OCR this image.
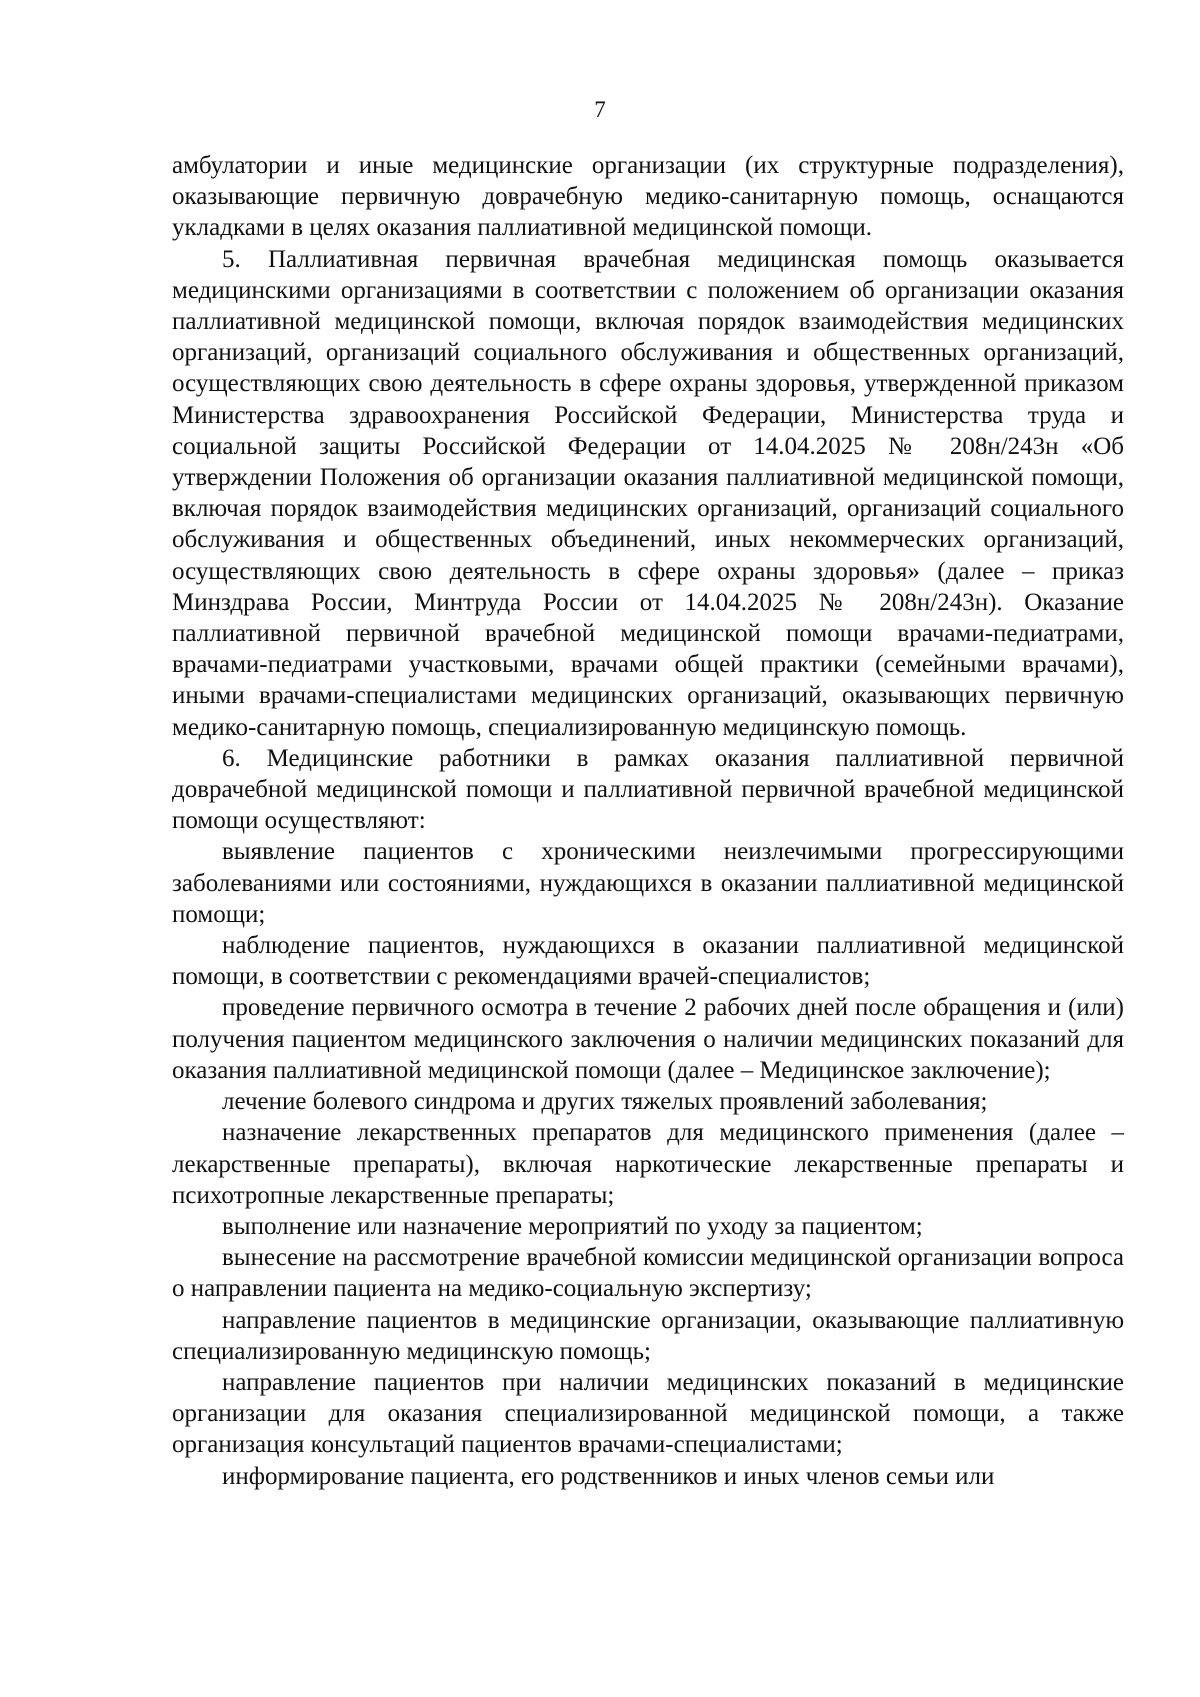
7

амбулатории и иные медицинские организации (их структурные подразделения), оказывающие первичную доврачебную медико-санитарную помощь, оснащаются укладками в целях оказания паллиативной медицинской помощи.

5. Паллиативная первичная врачебная медицинская помощь оказывается медицинскими организациями в соответствии с положением об организации оказания паллиативной медицинской помощи, включая порядок взаимодействия медицинских организаций, организаций социального обслуживания и общественных организаций, осуществляющих свою деятельность в сфере охраны здоровья, утвержденной приказом Министерства здравоохранения Российской Федерации, Министерства труда и социальной защиты Российской Федерации от 14.04.2025 № 208н/243н «Об утверждении Положения об организации оказания паллиативной медицинской помощи, включая порядок взаимодействия медицинских организаций, организаций социального обслуживания и общественных объединений, иных некоммерческих организаций, осуществляющих свою деятельность в сфере охраны здоровья» (далее – приказ Минздрава России, Минтруда России от 14.04.2025 № 208н/243н). Оказание паллиативной первичной врачебной медицинской помощи врачами-педиатрами, врачами-педиатрами участковыми, врачами общей практики (семейными врачами), иными врачами-специалистами медицинских организаций, оказывающих первичную медико-санитарную помощь, специализированную медицинскую помощь.

6. Медицинские работники в рамках оказания паллиативной первичной доврачебной медицинской помощи и паллиативной первичной врачебной медицинской помощи осуществляют:

выявление пациентов с хроническими неизлечимыми прогрессирующими заболеваниями или состояниями, нуждающихся в оказании паллиативной медицинской помощи;

наблюдение пациентов, нуждающихся в оказании паллиативной медицинской помощи, в соответствии с рекомендациями врачей-специалистов;

проведение первичного осмотра в течение 2 рабочих дней после обращения и (или) получения пациентом медицинского заключения о наличии медицинских показаний для оказания паллиативной медицинской помощи (далее – Медицинское заключение);

лечение болевого синдрома и других тяжелых проявлений заболевания;

назначение лекарственных препаратов для медицинского применения (далее – лекарственные препараты), включая наркотические лекарственные препараты и психотропные лекарственные препараты;

выполнение или назначение мероприятий по уходу за пациентом;

вынесение на рассмотрение врачебной комиссии медицинской организации вопроса о направлении пациента на медико-социальную экспертизу;

направление пациентов в медицинские организации, оказывающие паллиативную специализированную медицинскую помощь;

направление пациентов при наличии медицинских показаний в медицинские организации для оказания специализированной медицинской помощи, а также организация консультаций пациентов врачами-специалистами;

информирование пациента, его родственников и иных членов семьи или
